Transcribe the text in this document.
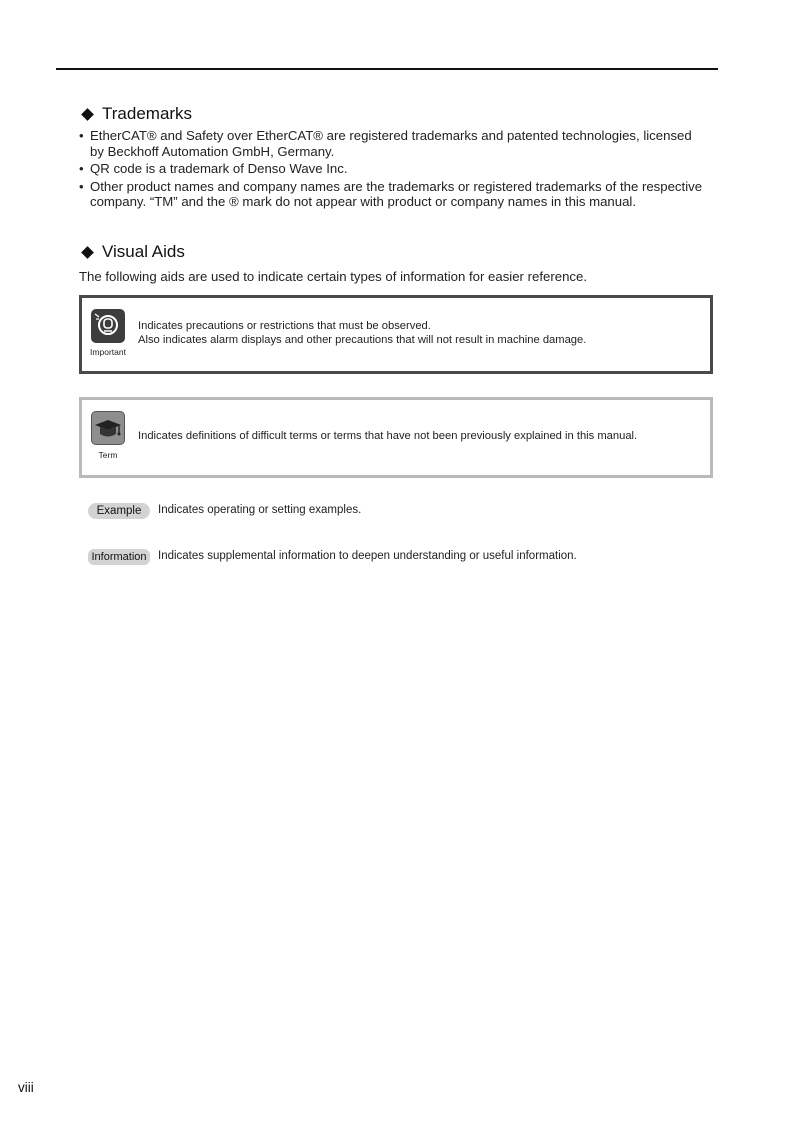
Trademarks
• EtherCAT® and Safety over EtherCAT® are registered trademarks and patented technologies, licensed by Beckhoff Automation GmbH, Germany.
• QR code is a trademark of Denso Wave Inc.
• Other product names and company names are the trademarks or registered trademarks of the respective company. “TM” and the ® mark do not appear with product or company names in this manual.
Visual Aids
The following aids are used to indicate certain types of information for easier reference.
Important
Indicates precautions or restrictions that must be observed.
Also indicates alarm displays and other precautions that will not result in machine damage.
Term
Indicates definitions of difficult terms or terms that have not been previously explained in this manual.
Example	Indicates operating or setting examples.
Information Indicates supplemental information to deepen understanding or useful information.
viii
